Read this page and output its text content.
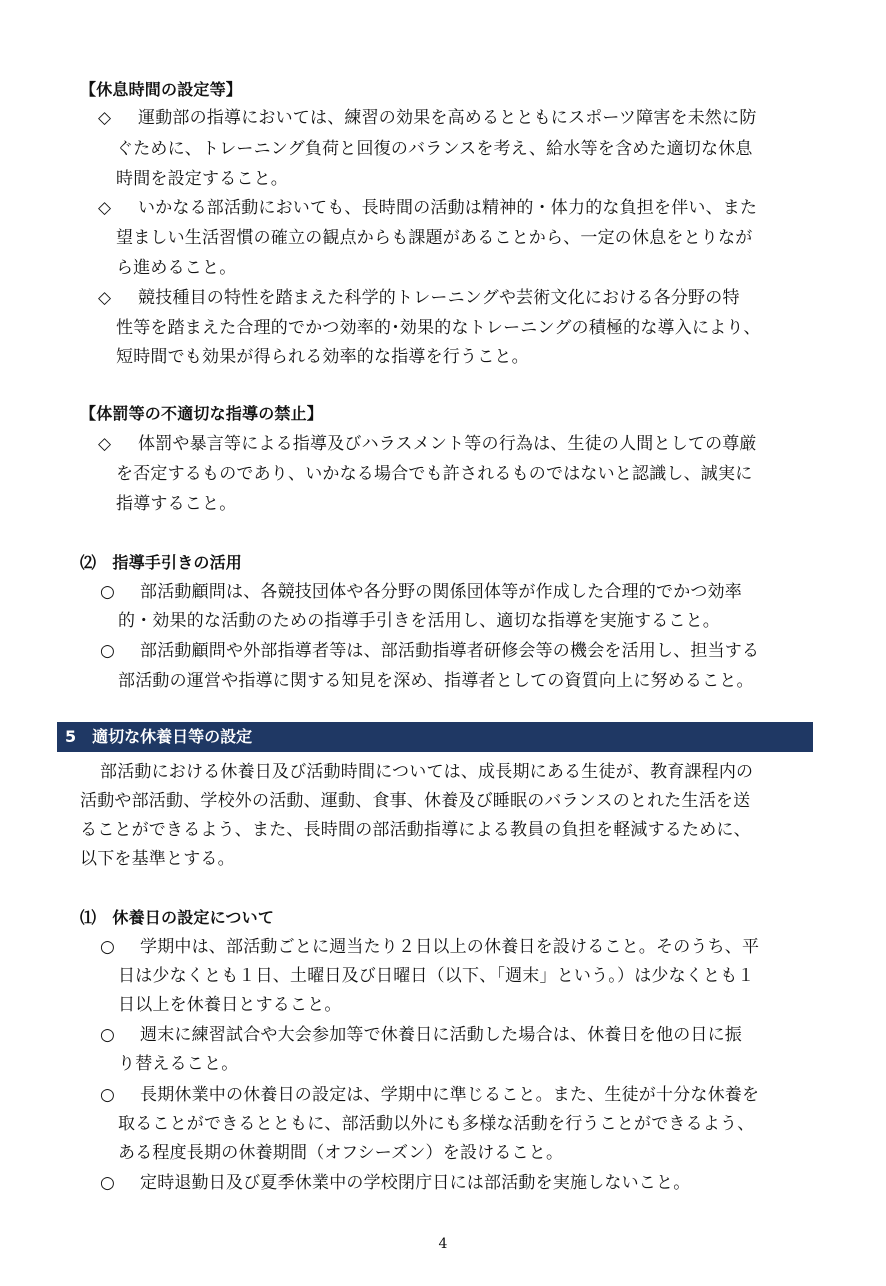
【休息時間の設定等】
◇ 運動部の指導においては、練習の効果を高めるとともにスポーツ障害を未然に防
ぐために、トレーニング負荷と回復のバランスを考え、給水等を含めた適切な休息
時間を設定すること。
◇ いかなる部活動においても、長時間の活動は精神的・体力的な負担を伴い、また
望ましい生活習慣の確立の観点からも課題があることから、一定の休息をとりなが
ら進めること。
◇ 競技種目の特性を踏まえた科学的トレーニングや芸術文化における各分野の特
性等を踏まえた合理的でかつ効率的･効果的なトレーニングの積極的な導入により、
短時間でも効果が得られる効率的な指導を行うこと。
【体罰等の不適切な指導の禁止】
◇ 体罰や暴言等による指導及びハラスメント等の行為は、生徒の人間としての尊厳
を否定するものであり、いかなる場合でも許されるものではないと認識し、誠実に
指導すること。
⑵　指導手引きの活用
○ 部活動顧問は、各競技団体や各分野の関係団体等が作成した合理的でかつ効率
的・効果的な活動のための指導手引きを活用し、適切な指導を実施すること。
○ 部活動顧問や外部指導者等は、部活動指導者研修会等の機会を活用し、担当する
部活動の運営や指導に関する知見を深め、指導者としての資質向上に努めること。
5　適切な休養日等の設定
部活動における休養日及び活動時間については、成長期にある生徒が、教育課程内の
活動や部活動、学校外の活動、運動、食事、休養及び睡眠のバランスのとれた生活を送
ることができるよう、また、長時間の部活動指導による教員の負担を軽減するために、
以下を基準とする。
⑴　休養日の設定について
○ 学期中は、部活動ごとに週当たり２日以上の休養日を設けること。そのうち、平
日は少なくとも１日、土曜日及び日曜日（以下、「週末」という。）は少なくとも１
日以上を休養日とすること。
○ 週末に練習試合や大会参加等で休養日に活動した場合は、休養日を他の日に振
り替えること。
○ 長期休業中の休養日の設定は、学期中に準じること。また、生徒が十分な休養を
取ることができるとともに、部活動以外にも多様な活動を行うことができるよう、
ある程度長期の休養期間（オフシーズン）を設けること。
○ 定時退勤日及び夏季休業中の学校閉庁日には部活動を実施しないこと。
4
